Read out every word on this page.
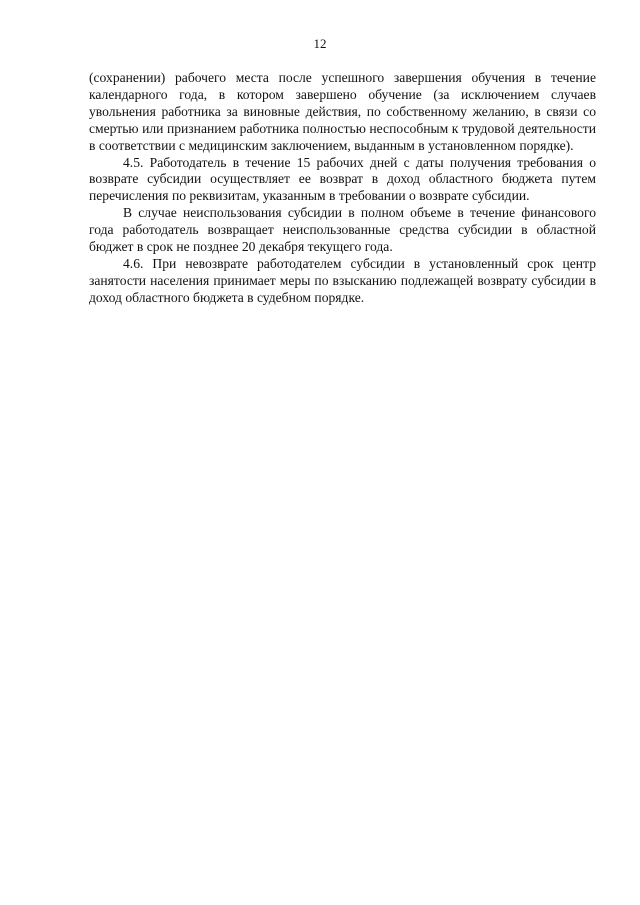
12

(сохранении) рабочего места после успешного завершения обучения в течение календарного года, в котором завершено обучение (за исключением случаев увольнения работника за виновные действия, по собственному желанию, в связи со смертью или признанием работника полностью неспособным к трудовой деятельности в соответствии с медицинским заключением, выданным в установленном порядке).

4.5. Работодатель в течение 15 рабочих дней с даты получения требования о возврате субсидии осуществляет ее возврат в доход областного бюджета путем перечисления по реквизитам, указанным в требовании о возврате субсидии.

В случае неиспользования субсидии в полном объеме в течение финансового года работодатель возвращает неиспользованные средства субсидии в областной бюджет в срок не позднее 20 декабря текущего года.

4.6. При невозврате работодателем субсидии в установленный срок центр занятости населения принимает меры по взысканию подлежащей возврату субсидии в доход областного бюджета в судебном порядке.
